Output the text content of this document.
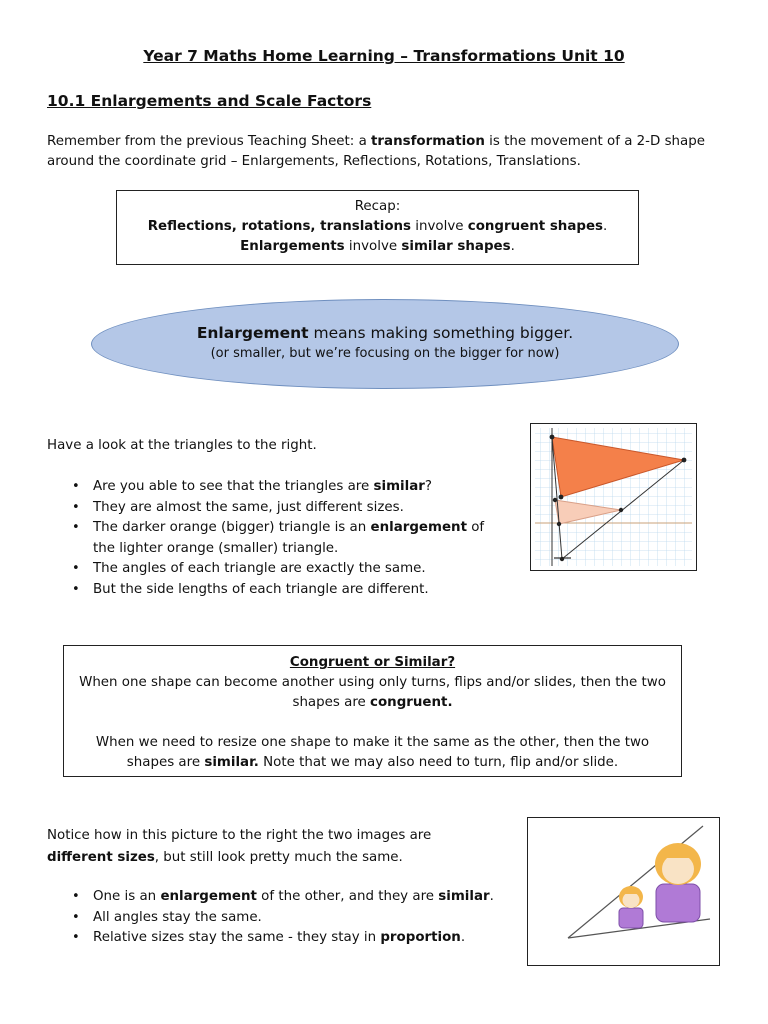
Year 7 Maths Home Learning – Transformations Unit 10
10.1 Enlargements and Scale Factors
Remember from the previous Teaching Sheet: a transformation is the movement of a 2-D shape around the coordinate grid – Enlargements, Reflections, Rotations, Translations.
Recap:
Reflections, rotations, translations involve congruent shapes.
Enlargements involve similar shapes.
Enlargement means making something bigger.
(or smaller, but we’re focusing on the bigger for now)
Have a look at the triangles to the right.
• Are you able to see that the triangles are similar?
• They are almost the same, just different sizes.
• The darker orange (bigger) triangle is an enlargement of the lighter orange (smaller) triangle.
• The angles of each triangle are exactly the same.
• But the side lengths of each triangle are different.
Congruent or Similar?
When one shape can become another using only turns, flips and/or slides, then the two shapes are congruent.
When we need to resize one shape to make it the same as the other, then the two shapes are similar. Note that we may also need to turn, flip and/or slide.
Notice how in this picture to the right the two images are different sizes, but still look pretty much the same.
• One is an enlargement of the other, and they are similar.
• All angles stay the same.
• Relative sizes stay the same - they stay in proportion.
